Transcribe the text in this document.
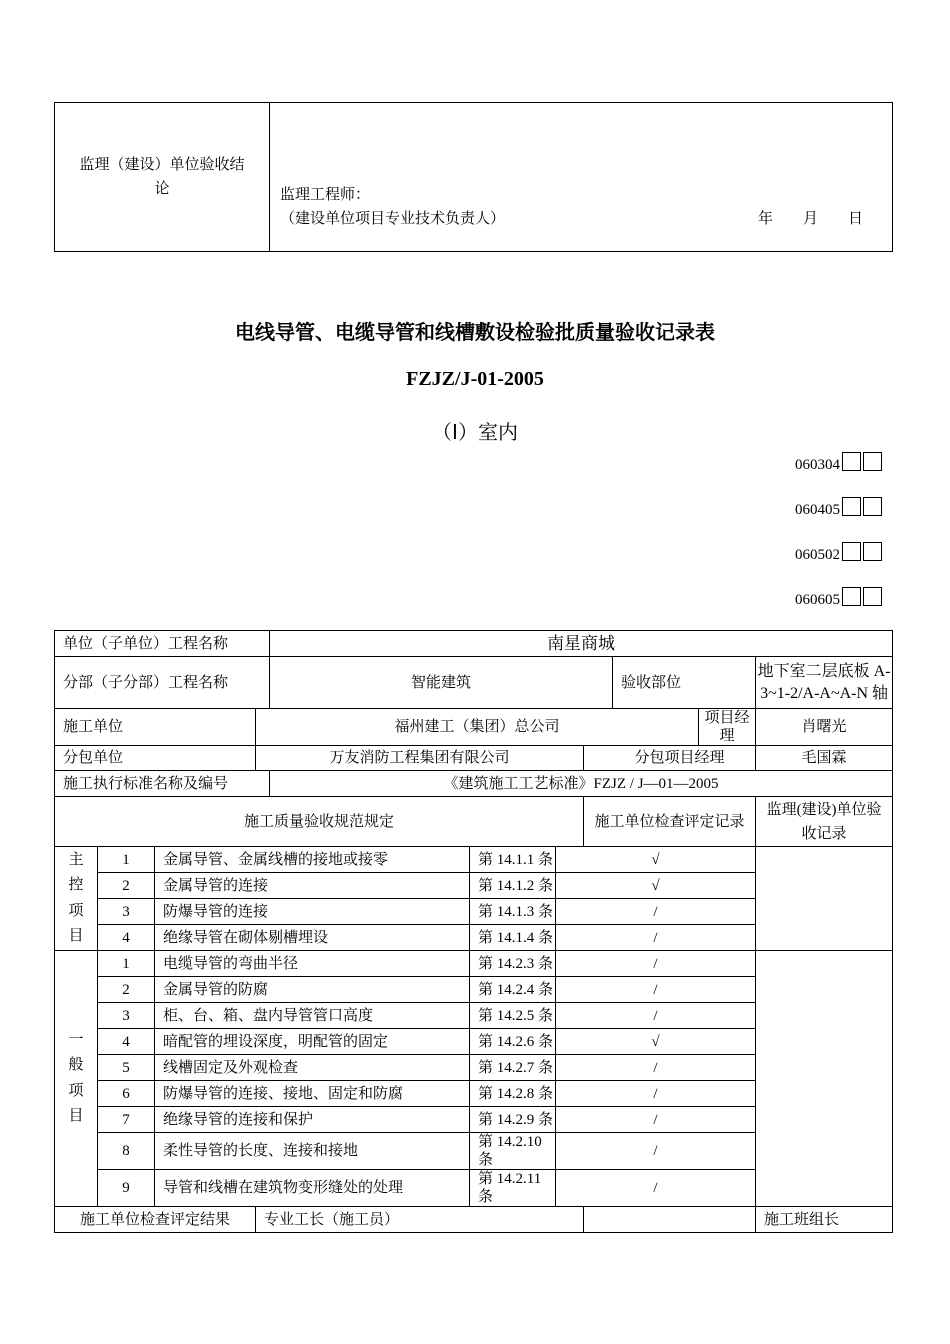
监理（建设）单位验收结
论	监理工程师：
（建设单位项目专业技术负责人）	年　　月　　日
电线导管、电缆导管和线槽敷设检验批质量验收记录表
FZJZ/J-01-2005
（Ⅰ）室内
060304
060405
060502
060605
单位（子单位）工程名称				南星商城						
分部（子分部）工程名称				智能建筑				验收部位		地下室二层底板 A-3~1-2/A-A~A-N 轴
施工单位			福州建工（集团）总公司						项目经理	肖曙光
分包单位			万友消防工程集团有限公司				分包项目经理			毛国霖
施工执行标准名称及编号				《建筑施工工艺标准》FZJZ / J—01—2005						
施工质量验收规范规定							施工单位检查评定记录			监理(建设)单位验
收记录

主
控
项
目	1	金属导管、金属线槽的接地或接零			第 14.1.1 条	√				
	2	金属导管的连接			第 14.1.2 条	√				
	3	防爆导管的连接			第 14.1.3 条	/				
	4	绝缘导管在砌体剔槽埋设			第 14.1.4 条	/				

一
般
项
目	1	电缆导管的弯曲半径			第 14.2.3 条	/				
	2	金属导管的防腐			第 14.2.4 条	/				
	3	柜、台、箱、盘内导管管口高度			第 14.2.5 条	/				
	4	暗配管的埋设深度，明配管的固定			第 14.2.6 条	√				
	5	线槽固定及外观检查			第 14.2.7 条	/				
	6	防爆导管的连接、接地、固定和防腐			第 14.2.8 条	/				
	7	绝缘导管的连接和保护			第 14.2.9 条	/				
	8	柔性导管的长度、连接和接地			第 14.2.10 条	/				
	9	导管和线槽在建筑物变形缝处的处理			第 14.2.11 条	/				
施工单位检查评定结果			专业工长（施工员）							施工班组长
